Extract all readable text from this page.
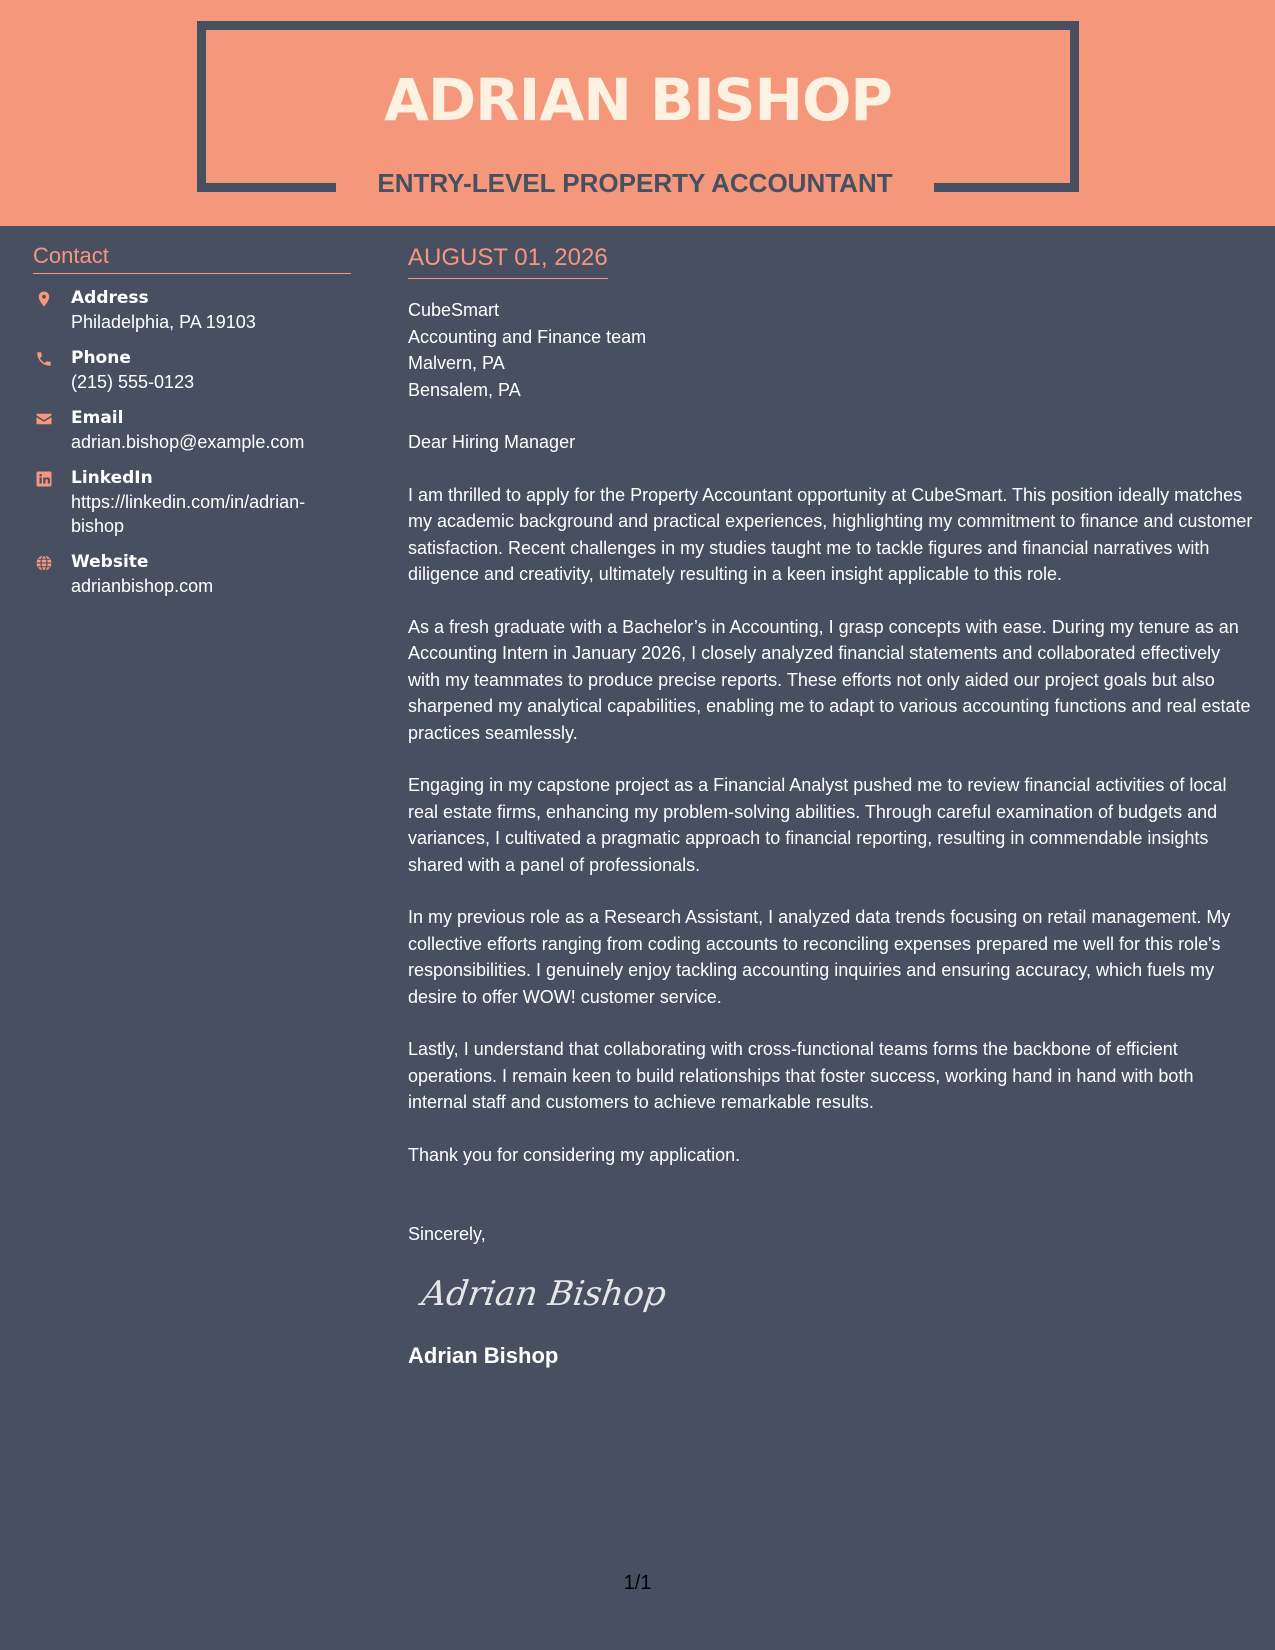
ADRIAN BISHOP
ENTRY-LEVEL PROPERTY ACCOUNTANT
Contact
Address
Philadelphia, PA 19103
Phone
(215) 555-0123
Email
adrian.bishop@example.com
LinkedIn
https://linkedin.com/in/adrian-bishop
Website
adrianbishop.com
AUGUST 01, 2026
CubeSmart
Accounting and Finance team
Malvern, PA
Bensalem, PA
Dear Hiring Manager
I am thrilled to apply for the Property Accountant opportunity at CubeSmart. This position ideally matches my academic background and practical experiences, highlighting my commitment to finance and customer satisfaction. Recent challenges in my studies taught me to tackle figures and financial narratives with diligence and creativity, ultimately resulting in a keen insight applicable to this role.
As a fresh graduate with a Bachelor’s in Accounting, I grasp concepts with ease. During my tenure as an Accounting Intern in January 2026, I closely analyzed financial statements and collaborated effectively with my teammates to produce precise reports. These efforts not only aided our project goals but also sharpened my analytical capabilities, enabling me to adapt to various accounting functions and real estate practices seamlessly.
Engaging in my capstone project as a Financial Analyst pushed me to review financial activities of local real estate firms, enhancing my problem-solving abilities. Through careful examination of budgets and variances, I cultivated a pragmatic approach to financial reporting, resulting in commendable insights shared with a panel of professionals.
In my previous role as a Research Assistant, I analyzed data trends focusing on retail management. My collective efforts ranging from coding accounts to reconciling expenses prepared me well for this role's responsibilities. I genuinely enjoy tackling accounting inquiries and ensuring accuracy, which fuels my desire to offer WOW! customer service.
Lastly, I understand that collaborating with cross-functional teams forms the backbone of efficient operations. I remain keen to build relationships that foster success, working hand in hand with both internal staff and customers to achieve remarkable results.
Thank you for considering my application.
Sincerely,
Adrian Bishop
Adrian Bishop
1/1
